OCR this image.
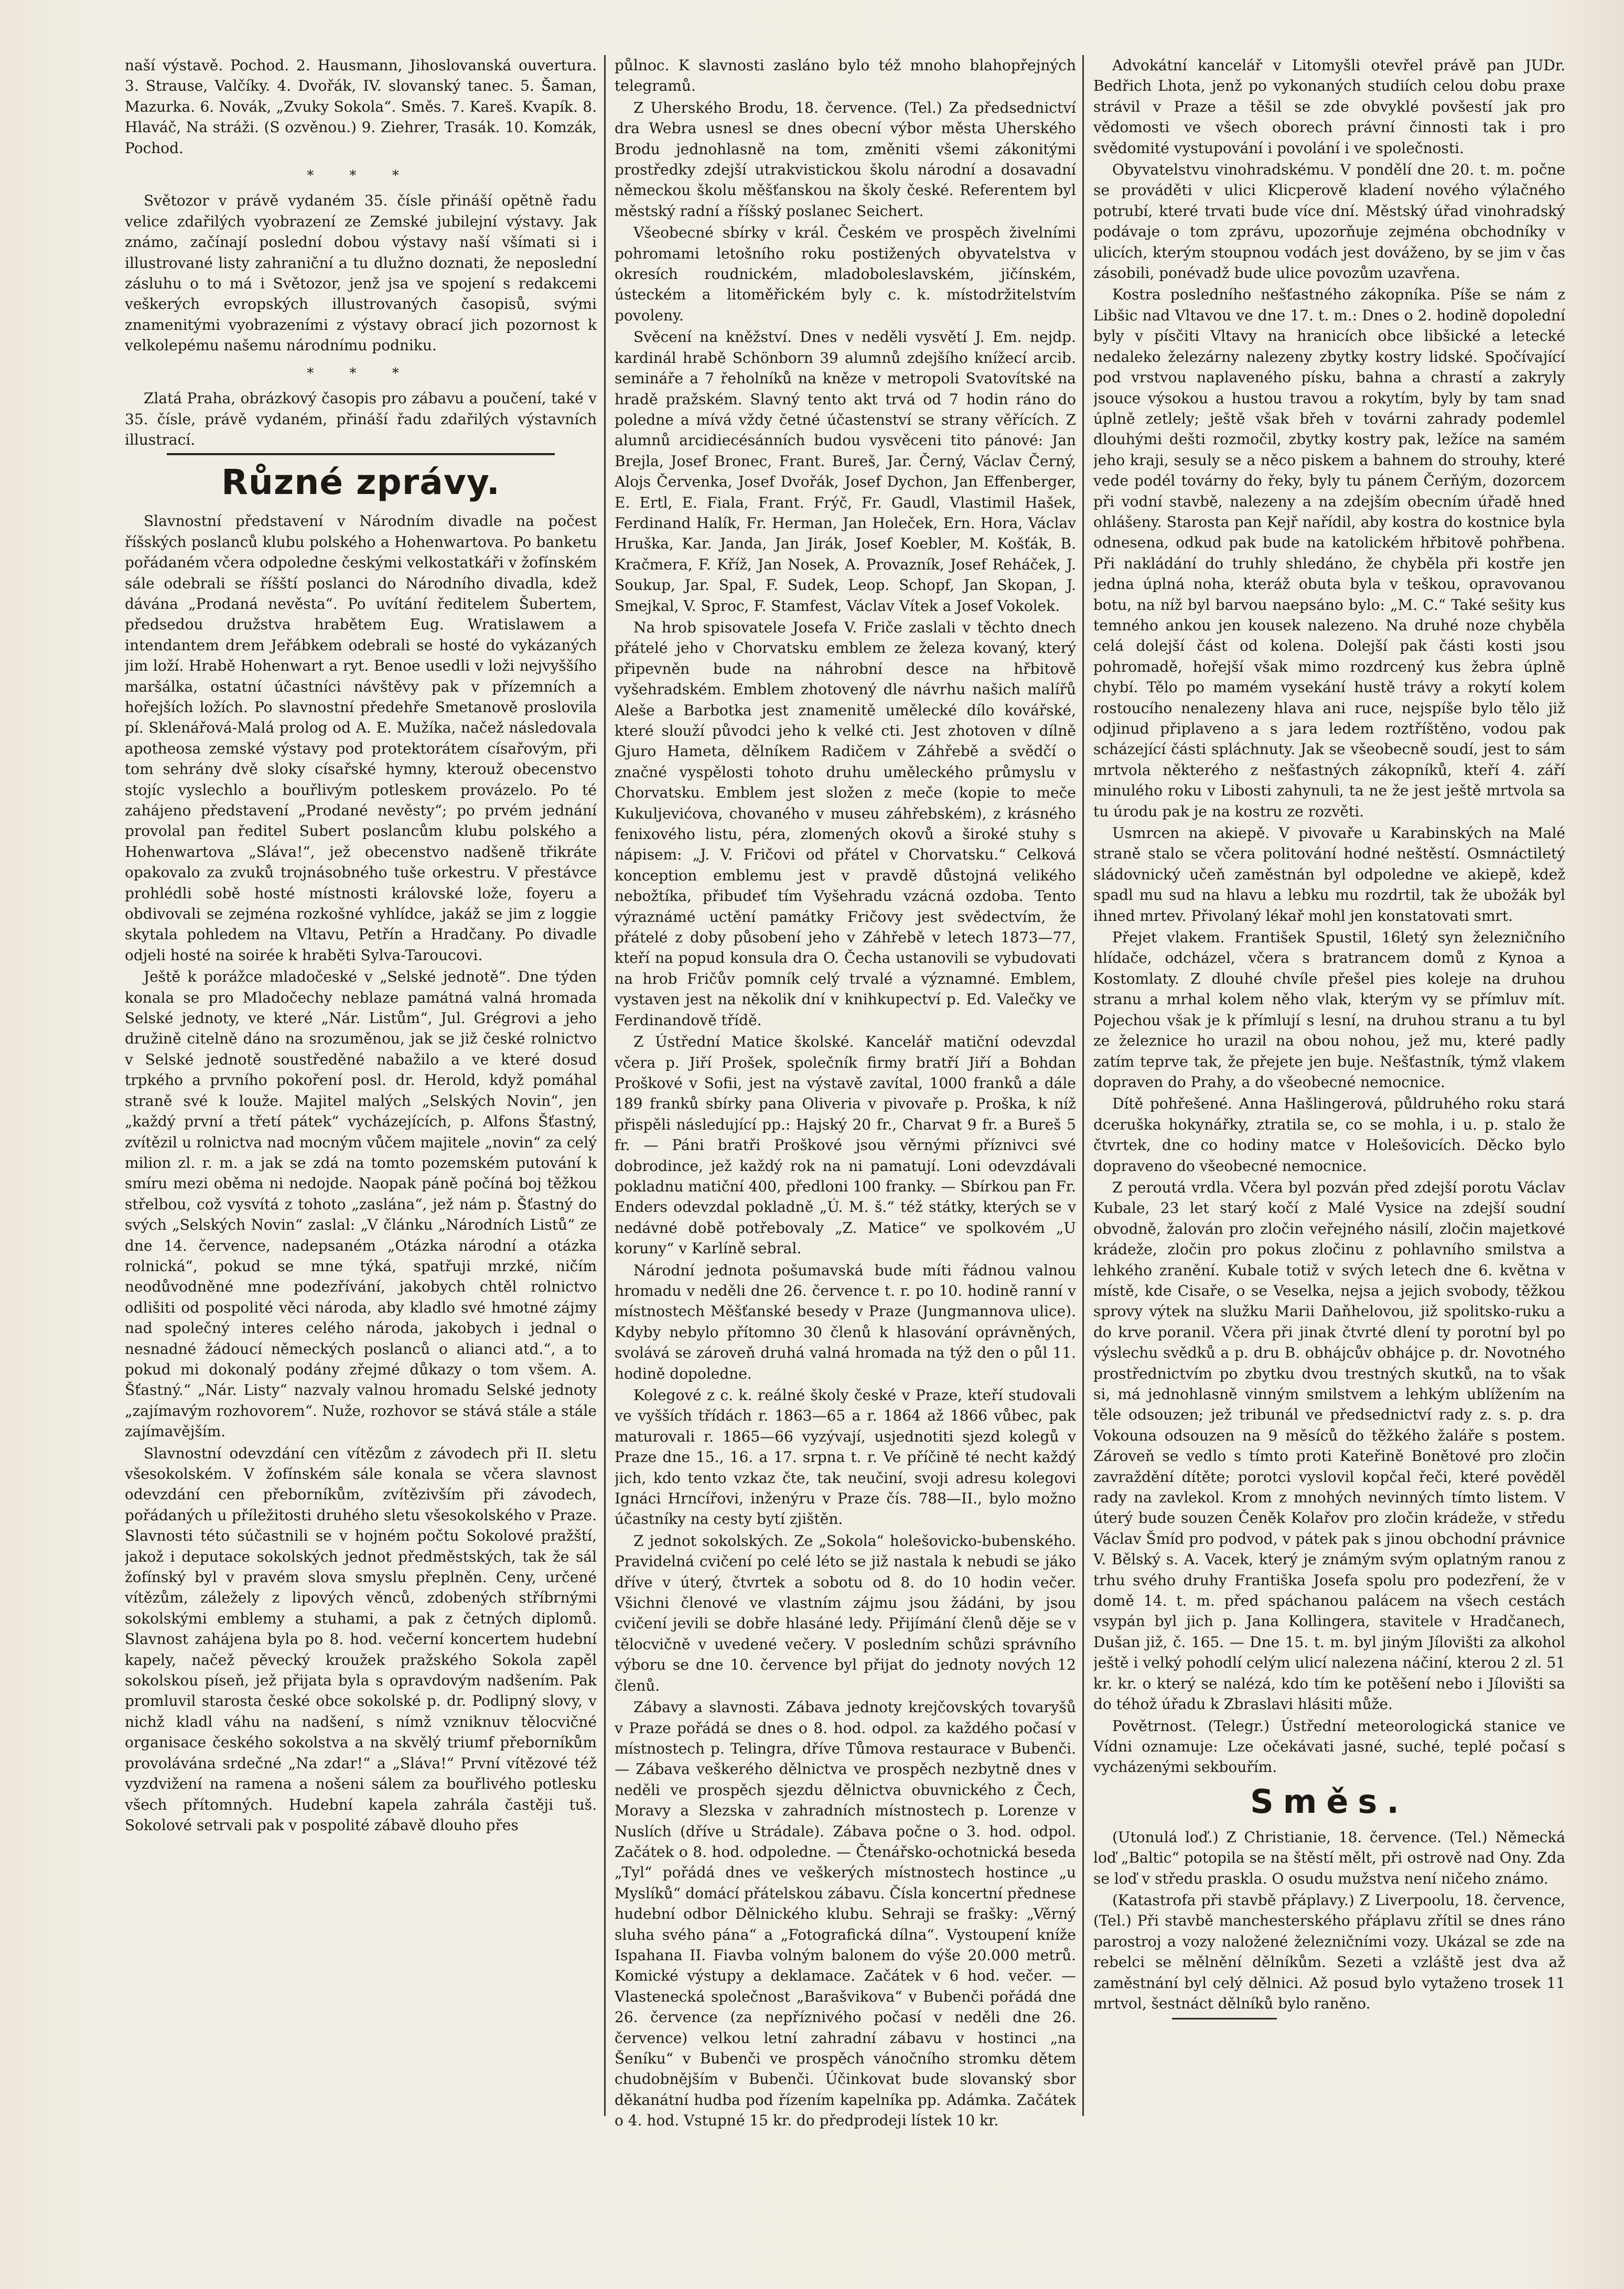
naší výstavě. Pochod. 2. Hausmann, Jihoslovanská ouvertura. 3. Strause, Valčíky. 4. Dvořák, IV. slovanský tanec. 5. Šaman, Mazurka. 6. Novák, „Zvuky Sokola“. Směs. 7. Kareš. Kvapík. 8. Hlaváč, Na stráži. (S ozvěnou.) 9. Ziehrer, Trasák. 10. Komzák, Pochod.

* * *

Světozor v právě vydaném 35. čísle přináší opětně řadu velice zdařilých vyobrazení ze Zemské jubilejní výstavy. Jak známo, začínají poslední dobou výstavy naší všímati si i illustrované listy zahraniční a tu dlužno doznati, že neposlední zásluhu o to má i Světozor, jenž jsa ve spojení s redakcemi veškerých evropských illustrovaných časopisů, svými znamenitými vyobrazeními z výstavy obrací jich pozornost k velkolepému našemu národnímu podniku.

* * *

Zlatá Praha, obrázkový časopis pro zábavu a poučení, také v 35. čísle, právě vydaném, přináší řadu zdařilých výstavních illustrací.

Různé zprávy.

Slavnostní představení v Národním divadle na počest říšských poslanců klubu polského a Hohenwartova. Po banketu pořádaném včera odpoledne českými velkostatkáři v žofínském sále odebrali se říšští poslanci do Národního divadla, kdež dávána „Prodaná nevěsta“. Po uvítání ředitelem Šubertem, předsedou družstva hrabětem Eug. Wratislawem a intendantem drem Jeřábkem odebrali se hosté do vykázaných jim loží. Hrabě Hohenwart a ryt. Benoe usedli v loži nejvyššího maršálka, ostatní účastníci návštěvy pak v přízemních a hořejších ložích. Po slavnostní předehře Smetanově proslovila pí. Sklenářová-Malá prolog od A. E. Mužíka, načež následovala apotheosa zemské výstavy pod protektorátem císařovým, při tom sehrány dvě sloky císařské hymny, kterouž obecenstvo stojíc vyslechlo a bouřlivým potleskem provázelo. Po té zahájeno představení „Prodané nevěsty“; po prvém jednání provolal pan ředitel Subert poslancům klubu polského a Hohenwartova „Sláva!“, jež obecenstvo nadšeně třikráte opakovalo za zvuků trojnásobného tuše orkestru. V přestávce prohlédli sobě hosté místnosti královské lože, foyeru a obdivovali se zejména rozkošné vyhlídce, jakáž se jim z loggie skytala pohledem na Vltavu, Petřín a Hradčany. Po divadle odjeli hosté na soirée k hraběti Sylva-Taroucovi.

Ještě k porážce mladočeské v „Selské jednotě“. Dne týden konala se pro Mladočechy neblaze památná valná hromada Selské jednoty, ve které „Nár. Listům“, Jul. Grégrovi a jeho družině citelně dáno na srozuměnou, jak se již české rolnictvo v Selské jednotě soustředěné nabažilo a ve které dosud trpkého a prvního pokoření posl. dr. Herold, když pomáhal straně své k louže. Majitel malých „Selských Novin“, jen „každý první a třetí pátek“ vycházejících, p. Alfons Šťastný, zvítězil u rolnictva nad mocným vůčem majitele „novin“ za celý milion zl. r. m. a jak se zdá na tomto pozemském putování k smíru mezi oběma ni nedojde. Naopak páně počíná boj těžkou střelbou, což vysvítá z tohoto „zaslána“, jež nám p. Šťastný do svých „Selských Novin“ zaslal: „V článku „Národních Listů“ ze dne 14. července, nadepsaném „Otázka národní a otázka rolnická“, pokud se mne týká, spatřuji mrzké, ničím neodůvodněné mne podezřívání, jakobych chtěl rolnictvo odlišiti od pospolité věci národa, aby kladlo své hmotné zájmy nad společný interes celého národa, jakobych i jednal o nesnadné žádoucí německých poslanců o alianci atd.“, a to pokud mi dokonalý podány zřejmé důkazy o tom všem. A. Šťastný.“ „Nár. Listy“ nazvaly valnou hromadu Selské jednoty „zajímavým rozhovorem“. Nuže, rozhovor se stává stále a stále zajímavějším.

Slavnostní odevzdání cen vítězům z závodech při II. sletu všesokolském. V žofínském sále konala se včera slavnost odevzdání cen přeborníkům, zvítězivším při závodech, pořádaných u příležitosti druhého sletu všesokolského v Praze. Slavnosti této súčastnili se v hojném počtu Sokolové pražští, jakož i deputace sokolských jednot předměstských, tak že sál žofínský byl v pravém slova smyslu přeplněn. Ceny, určené vítězům, záležely z lipových věnců, zdobených stříbrnými sokolskými emblemy a stuhami, a pak z četných diplomů. Slavnost zahájena byla po 8. hod. večerní koncertem hudební kapely, načež pěvecký kroužek pražského Sokola zapěl sokolskou píseň, jež přijata byla s opravdovým nadšením. Pak promluvil starosta české obce sokolské p. dr. Podlipný slovy, v nichž kladl váhu na nadšení, s nímž vzniknuv tělocvičné organisace českého sokolstva a na skvělý triumf přeborníkům provolávána srdečné „Na zdar!“ a „Sláva!“ První vítězové též vyzdvižení na ramena a nošeni sálem za bouřlivého potlesku všech přítomných. Hudební kapela zahrála častěji tuš. Sokolové setrvali pak v pospolité zábavě dlouho přes

půlnoc. K slavnosti zasláno bylo též mnoho blahopřejných telegramů.

Z Uherského Brodu, 18. července. (Tel.) Za předsednictví dra Webra usnesl se dnes obecní výbor města Uherského Brodu jednohlasně na tom, změniti všemi zákonitými prostředky zdejší utrakvistickou školu národní a dosavadní německou školu měšťanskou na školy české. Referentem byl městský radní a říšský poslanec Seichert.

Všeobecné sbírky v král. Českém ve prospěch živelními pohromami letošního roku postižených obyvatelstva v okresích roudnickém, mladoboleslavském, jičínském, ústeckém a litoměřickém byly c. k. místodržitelstvím povoleny.

Svěcení na kněžství. Dnes v neděli vysvětí J. Em. nejdp. kardinál hrabě Schönborn 39 alumnů zdejšího knížecí arcib. semináře a 7 řeholníků na kněze v metropoli Svatovítské na hradě pražském. Slavný tento akt trvá od 7 hodin ráno do poledne a mívá vždy četné účastenství se strany věřících. Z alumnů arcidiecésánních budou vysvěceni tito pánové: Jan Brejla, Josef Bronec, Frant. Bureš, Jar. Černý, Václav Černý, Alojs Červenka, Josef Dvořák, Josef Dychon, Jan Effenberger, E. Ertl, E. Fiala, Frant. Frýč, Fr. Gaudl, Vlastimil Hašek, Ferdinand Halík, Fr. Herman, Jan Holeček, Ern. Hora, Václav Hruška, Kar. Janda, Jan Jirák, Josef Koebler, M. Košťák, B. Kračmera, F. Kříž, Jan Nosek, A. Provazník, Josef Reháček, J. Soukup, Jar. Spal, F. Sudek, Leop. Schopf, Jan Skopan, J. Smejkal, V. Sproc, F. Stamfest, Václav Vítek a Josef Vokolek.

Na hrob spisovatele Josefa V. Friče zaslali v těchto dnech přátelé jeho v Chorvatsku emblem ze železa kovaný, který připevněn bude na náhrobní desce na hřbitově vyšehradském. Emblem zhotovený dle návrhu našich malířů Aleše a Barbotka jest znamenitě umělecké dílo kovářské, které slouží původci jeho k velké cti. Jest zhotoven v dílně Gjuro Hameta, dělníkem Radičem v Záhřebě a svědčí o značné vyspělosti tohoto druhu uměleckého průmyslu v Chorvatsku. Emblem jest složen z meče (kopie to meče Kukuljevićova, chovaného v museu záhřebském), z krásného fenixového listu, péra, zlomených okovů a široké stuhy s nápisem: „J. V. Fričovi od přátel v Chorvatsku.“ Celková konception emblemu jest v pravdě důstojná velikého nebožtíka, přibudeť tím Vyšehradu vzácná ozdoba. Tento výraznámé uctění památky Fričovy jest svědectvím, že přátelé z doby působení jeho v Záhřebě v letech 1873—77, kteří na popud konsula dra O. Čecha ustanovili se vybudovati na hrob Fričův pomník celý trvalé a významné. Emblem, vystaven jest na několik dní v knihkupectví p. Ed. Valečky ve Ferdinandově třídě.

Z Ústřední Matice školské. Kancelář matiční odevzdal včera p. Jiří Prošek, společník firmy bratří Jiří a Bohdan Proškové v Sofii, jest na výstavě zavítal, 1000 franků a dále 189 franků sbírky pana Oliveria v pivovaře p. Proška, k níž přispěli následující pp.: Hajský 20 fr., Charvat 9 fr. a Bureš 5 fr. — Páni bratři Proškové jsou věrnými příznivci své dobrodince, jež každý rok na ni pamatují. Loni odevzdávali pokladnu matiční 400, předloni 100 franky. — Sbírkou pan Fr. Enders odevzdal pokladně „Ú. M. š.“ též státky, kterých se v nedávné době potřebovaly „Z. Matice“ ve spolkovém „U koruny“ v Karlíně sebral.

Národní jednota pošumavská bude míti řádnou valnou hromadu v neděli dne 26. července t. r. po 10. hodině ranní v místnostech Měšťanské besedy v Praze (Jungmannova ulice). Kdyby nebylo přítomno 30 členů k hlasování oprávněných, svolává se zároveň druhá valná hromada na týž den o půl 11. hodině dopoledne.

Kolegové z c. k. reálné školy české v Praze, kteří studovali ve vyšších třídách r. 1863—65 a r. 1864 až 1866 vůbec, pak maturovali r. 1865—66 vyzývají, usjednotiti sjezd kolegů v Praze dne 15., 16. a 17. srpna t. r. Ve příčině té necht každý jich, kdo tento vzkaz čte, tak neučiní, svoji adresu kolegovi Ignáci Hrncířovi, inženýru v Praze čís. 788—II., bylo možno účastníky na cesty bytí zjištěn.

Z jednot sokolských. Ze „Sokola“ holešovicko-bubenského. Pravidelná cvičení po celé léto se již nastala k nebudi se jáko dříve v úterý, čtvrtek a sobotu od 8. do 10 hodin večer. Všichni členové ve vlastním zájmu jsou žádáni, by jsou cvičení jevili se dobře hlasáné ledy. Přijímání členů děje se v tělocvičně v uvedené večery. V posledním schůzi správního výboru se dne 10. července byl přijat do jednoty nových 12 členů.

Zábavy a slavnosti. Zábava jednoty krejčovských tovaryšů v Praze pořádá se dnes o 8. hod. odpol. za každého počasí v místnostech p. Telingra, dříve Tůmova restaurace v Bubenči. — Zábava veškerého dělnictva ve prospěch nezbytně dnes v neděli ve prospěch sjezdu dělnictva obuvnického z Čech, Moravy a Slezska v zahradních místnostech p. Lorenze v Nuslích (dříve u Strádale). Zábava počne o 3. hod. odpol. Začátek o 8. hod. odpoledne. — Čtenářsko-ochotnická beseda „Tyl“ pořádá dnes ve veškerých místnostech hostince „u Myslíků“ domácí přátelskou zábavu. Čísla koncertní přednese hudební odbor Dělnického klubu. Sehraji se frašky: „Věrný sluha svého pána“ a „Fotografická dílna“. Vystoupení kníže Ispahana II. Fiavba volným balonem do výše 20.000 metrů. Komické výstupy a deklamace. Začátek v 6 hod. večer. — Vlastenecká společnost „Barašvikova“ v Bubenči pořádá dne 26. července (za nepříznivého počasí v neděli dne 26. července) velkou letní zahradní zábavu v hostinci „na Šeníku“ v Bubenči ve prospěch vánočního stromku dětem chudobnějším v Bubenči. Účinkovat bude slovanský sbor děkanátní hudba pod řízením kapelníka pp. Adámka. Začátek o 4. hod. Vstupné 15 kr. do předprodeji lístek 10 kr.

Advokátní kancelář v Litomyšli otevřel právě pan JUDr. Bedřich Lhota, jenž po vykonaných studiích celou dobu praxe strávil v Praze a těšil se zde obvyklé povšestí jak pro vědomosti ve všech oborech právní činnosti tak i pro svědomité vystupování i povolání i ve společnosti.

Obyvatelstvu vinohradskému. V pondělí dne 20. t. m. počne se prováděti v ulici Klicperově kladení nového výlačného potrubí, které trvati bude více dní. Městský úřad vinohradský podávaje o tom zprávu, upozorňuje zejména obchodníky v ulicích, kterým stoupnou vodách jest dováženo, by se jim v čas zásobili, ponévadž bude ulice povozům uzavřena.

Kostra posledního nešťastného zákopníka. Píše se nám z Libšic nad Vltavou ve dne 17. t. m.: Dnes o 2. hodině dopolední byly v písčiti Vltavy na hranicích obce libšické a letecké nedaleko železárny nalezeny zbytky kostry lidské. Spočívající pod vrstvou naplaveného písku, bahna a chrastí a zakryly jsouce výsokou a hustou travou a rokytím, byly by tam snad úplně zetlely; ještě však břeh v továrni zahrady podemlel dlouhými dešti rozmočil, zbytky kostry pak, ležíce na samém jeho kraji, sesuly se a něco piskem a bahnem do strouhy, které vede podél továrny do řeky, byly tu pánem Čerňým, dozorcem při vodní stavbě, nalezeny a na zdejším obecním úřadě hned ohlášeny. Starosta pan Kejř nařídil, aby kostra do kostnice byla odnesena, odkud pak bude na katolickém hřbitově pohřbena. Při nakládání do truhly shledáno, že chyběla při kostře jen jedna úplná noha, kteráž obuta byla v teškou, opravovanou botu, na níž byl barvou naepsáno bylo: „M. C.“ Také sešity kus temného ankou jen kousek nalezeno. Na druhé noze chyběla celá dolejší část od kolena. Dolejší pak části kosti jsou pohromadě, hořejší však mimo rozdrcený kus žebra úplně chybí. Tělo po mamém vysekání hustě trávy a rokytí kolem rostoucího nenalezeny hlava ani ruce, nejspíše bylo tělo již odjinud připlaveno a s jara ledem roztříštěno, vodou pak scházející části spláchnuty. Jak se všeobecně soudí, jest to sám mrtvola některého z nešťastných zákopníků, kteří 4. září minulého roku v Libosti zahynuli, ta ne že jest ještě mrtvola sa tu úrodu pak je na kostru ze rozvěti.

Usmrcen na akiepě. V pivovaře u Karabinských na Malé straně stalo se včera politování hodné neštěstí. Osmnáctiletý sládovnický učeň zaměstnán byl odpoledne ve akiepě, kdež spadl mu sud na hlavu a lebku mu rozdrtil, tak že ubožák byl ihned mrtev. Přivolaný lékař mohl jen konstatovati smrt.

Přejet vlakem. František Spustil, 16letý syn železničního hlídače, odcházel, včera s bratrancem domů z Kynoa a Kostomlaty. Z dlouhé chvíle přešel pies koleje na druhou stranu a mrhal kolem něho vlak, kterým vy se přímluv mít. Pojechou však je k přímlují s lesní, na druhou stranu a tu byl ze železnice ho urazil na obou nohou, jež mu, které padly zatím teprve tak, že přejete jen buje. Nešťastník, týmž vlakem dopraven do Prahy, a do všeobecné nemocnice.

Dítě pohřešené. Anna Hašlingerová, půldruhého roku stará dceruška hokynářky, ztratila se, co se mohla, i u. p. stalo že čtvrtek, dne co hodiny matce v Holešovicích. Děcko bylo dopraveno do všeobecné nemocnice.

Z peroutá vrdla. Včera byl pozván před zdejší porotu Václav Kubale, 23 let starý kočí z Malé Vysice na zdejší soudní obvodně, žalován pro zločin veřejného násilí, zločin majetkové krádeže, zločin pro pokus zločinu z pohlavního smilstva a lehkého zranění. Kubale totiž v svých letech dne 6. května v místě, kde Cisaře, o se Veselka, nejsa a jejich svobody, těžkou sprovy výtek na služku Marii Daňhelovou, již spolitsko-ruku a do krve poranil. Včera při jinak čtvrté dlení ty porotní byl po výslechu svědků a p. dru B. obhájcův obhájce p. dr. Novotného prostřednictvím po zbytku dvou trestných skutků, na to však si, má jednohlasně vinným smilstvem a lehkým ublížením na těle odsouzen; jež tribunál ve předsednictví rady z. s. p. dra Vokouna odsouzen na 9 měsíců do těžkého žaláře s postem. Zároveň se vedlo s tímto proti Kateřině Bonětové pro zločin zavraždění dítěte; porotci vyslovil kopčal řeči, které pověděl rady na zavlekol. Krom z mnohých nevinných tímto listem. V úterý bude souzen Čeněk Kolařov pro zločin krádeže, v středu Václav Šmíd pro podvod, v pátek pak s jinou obchodní právnice V. Bělský s. A. Vacek, který je známým svým oplatným ranou z trhu svého druhy Františka Josefa spolu pro podezření, že v domě 14. t. m. před spáchanou palácem na všech cestách vsypán byl jich p. Jana Kollingera, stavitele v Hradčanech, Dušan již, č. 165. — Dne 15. t. m. byl jiným Jílovišti za alkohol ještě i velký pohodlí celým ulicí nalezena náčiní, kterou 2 zl. 51 kr. kr. o který se nalézá, kdo tím ke potěšení nebo i Jílovišti sa do téhož úřadu k Zbraslavi hlásiti může.

Povětrnost. (Telegr.) Ústřední meteorologická stanice ve Vídni oznamuje: Lze očekávati jasné, suché, teplé počasí s vycházenými sekbouřím.

Směs.

(Utonulá loď.) Z Christianie, 18. července. (Tel.) Německá loď „Baltic“ potopila se na štěstí mělt, při ostrově nad Ony. Zda se loď v středu praskla. O osudu mužstva není ničeho známo.

(Katastrofa při stavbě přáplavy.) Z Liverpoolu, 18. července, (Tel.) Při stavbě manchesterského přáplavu zřítil se dnes ráno parostroj a vozy naložené železničními vozy. Ukázal se zde na rebelci se mělnění dělníkům. Sezeti a vzláště jest dva až zaměstnání byl celý dělnici. Až posud bylo vytaženo trosek 11 mrtvol, šestnáct dělníků bylo raněno.
